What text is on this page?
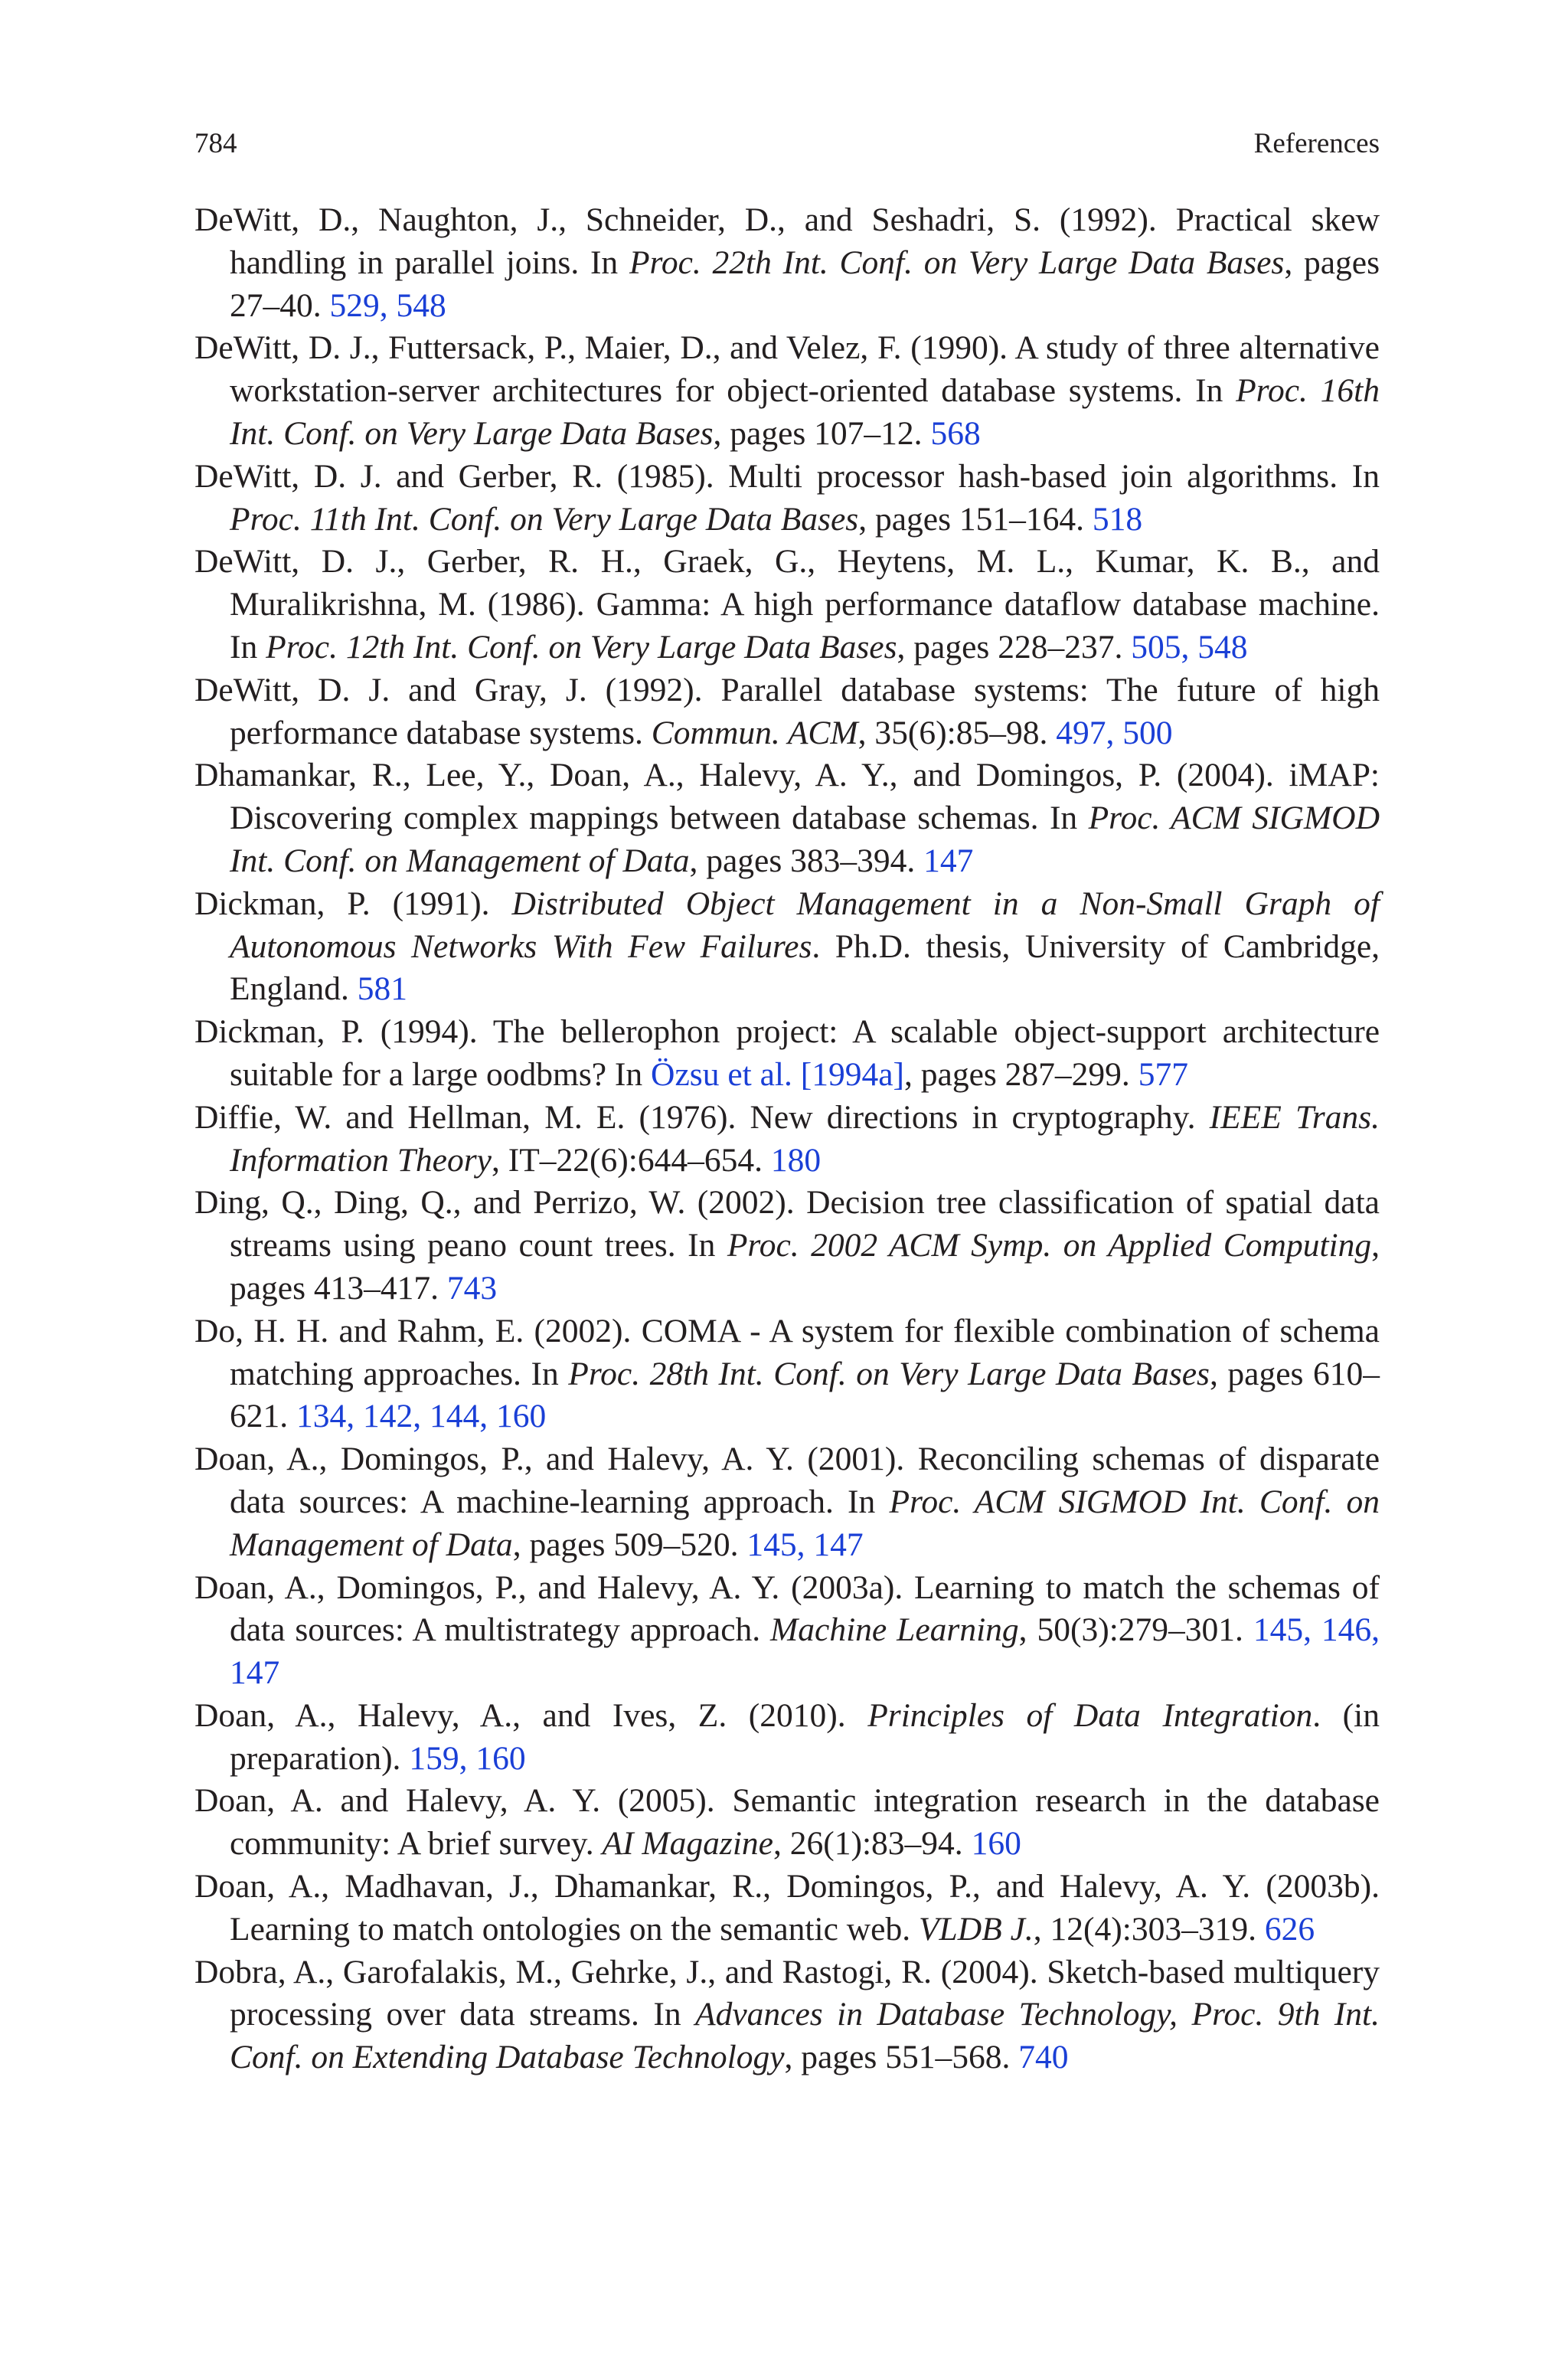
784	References
DeWitt, D., Naughton, J., Schneider, D., and Seshadri, S. (1992). Practical skew handling in parallel joins. In Proc. 22th Int. Conf. on Very Large Data Bases, pages 27–40. 529, 548
DeWitt, D. J., Futtersack, P., Maier, D., and Velez, F. (1990). A study of three alternative workstation-server architectures for object-oriented database systems. In Proc. 16th Int. Conf. on Very Large Data Bases, pages 107–12. 568
DeWitt, D. J. and Gerber, R. (1985). Multi processor hash-based join algorithms. In Proc. 11th Int. Conf. on Very Large Data Bases, pages 151–164. 518
DeWitt, D. J., Gerber, R. H., Graek, G., Heytens, M. L., Kumar, K. B., and Muralikrishna, M. (1986). Gamma: A high performance dataflow database machine. In Proc. 12th Int. Conf. on Very Large Data Bases, pages 228–237. 505, 548
DeWitt, D. J. and Gray, J. (1992). Parallel database systems: The future of high performance database systems. Commun. ACM, 35(6):85–98. 497, 500
Dhamankar, R., Lee, Y., Doan, A., Halevy, A. Y., and Domingos, P. (2004). iMAP: Discovering complex mappings between database schemas. In Proc. ACM SIGMOD Int. Conf. on Management of Data, pages 383–394. 147
Dickman, P. (1991). Distributed Object Management in a Non-Small Graph of Autonomous Networks With Few Failures. Ph.D. thesis, University of Cambridge, England. 581
Dickman, P. (1994). The bellerophon project: A scalable object-support architecture suitable for a large oodbms? In Özsu et al. [1994a], pages 287–299. 577
Diffie, W. and Hellman, M. E. (1976). New directions in cryptography. IEEE Trans. Information Theory, IT–22(6):644–654. 180
Ding, Q., Ding, Q., and Perrizo, W. (2002). Decision tree classification of spatial data streams using peano count trees. In Proc. 2002 ACM Symp. on Applied Computing, pages 413–417. 743
Do, H. H. and Rahm, E. (2002). COMA - A system for flexible combination of schema matching approaches. In Proc. 28th Int. Conf. on Very Large Data Bases, pages 610–621. 134, 142, 144, 160
Doan, A., Domingos, P., and Halevy, A. Y. (2001). Reconciling schemas of disparate data sources: A machine-learning approach. In Proc. ACM SIGMOD Int. Conf. on Management of Data, pages 509–520. 145, 147
Doan, A., Domingos, P., and Halevy, A. Y. (2003a). Learning to match the schemas of data sources: A multistrategy approach. Machine Learning, 50(3):279–301. 145, 146, 147
Doan, A., Halevy, A., and Ives, Z. (2010). Principles of Data Integration. (in preparation). 159, 160
Doan, A. and Halevy, A. Y. (2005). Semantic integration research in the database community: A brief survey. AI Magazine, 26(1):83–94. 160
Doan, A., Madhavan, J., Dhamankar, R., Domingos, P., and Halevy, A. Y. (2003b). Learning to match ontologies on the semantic web. VLDB J., 12(4):303–319. 626
Dobra, A., Garofalakis, M., Gehrke, J., and Rastogi, R. (2004). Sketch-based multiquery processing over data streams. In Advances in Database Technology, Proc. 9th Int. Conf. on Extending Database Technology, pages 551–568. 740
